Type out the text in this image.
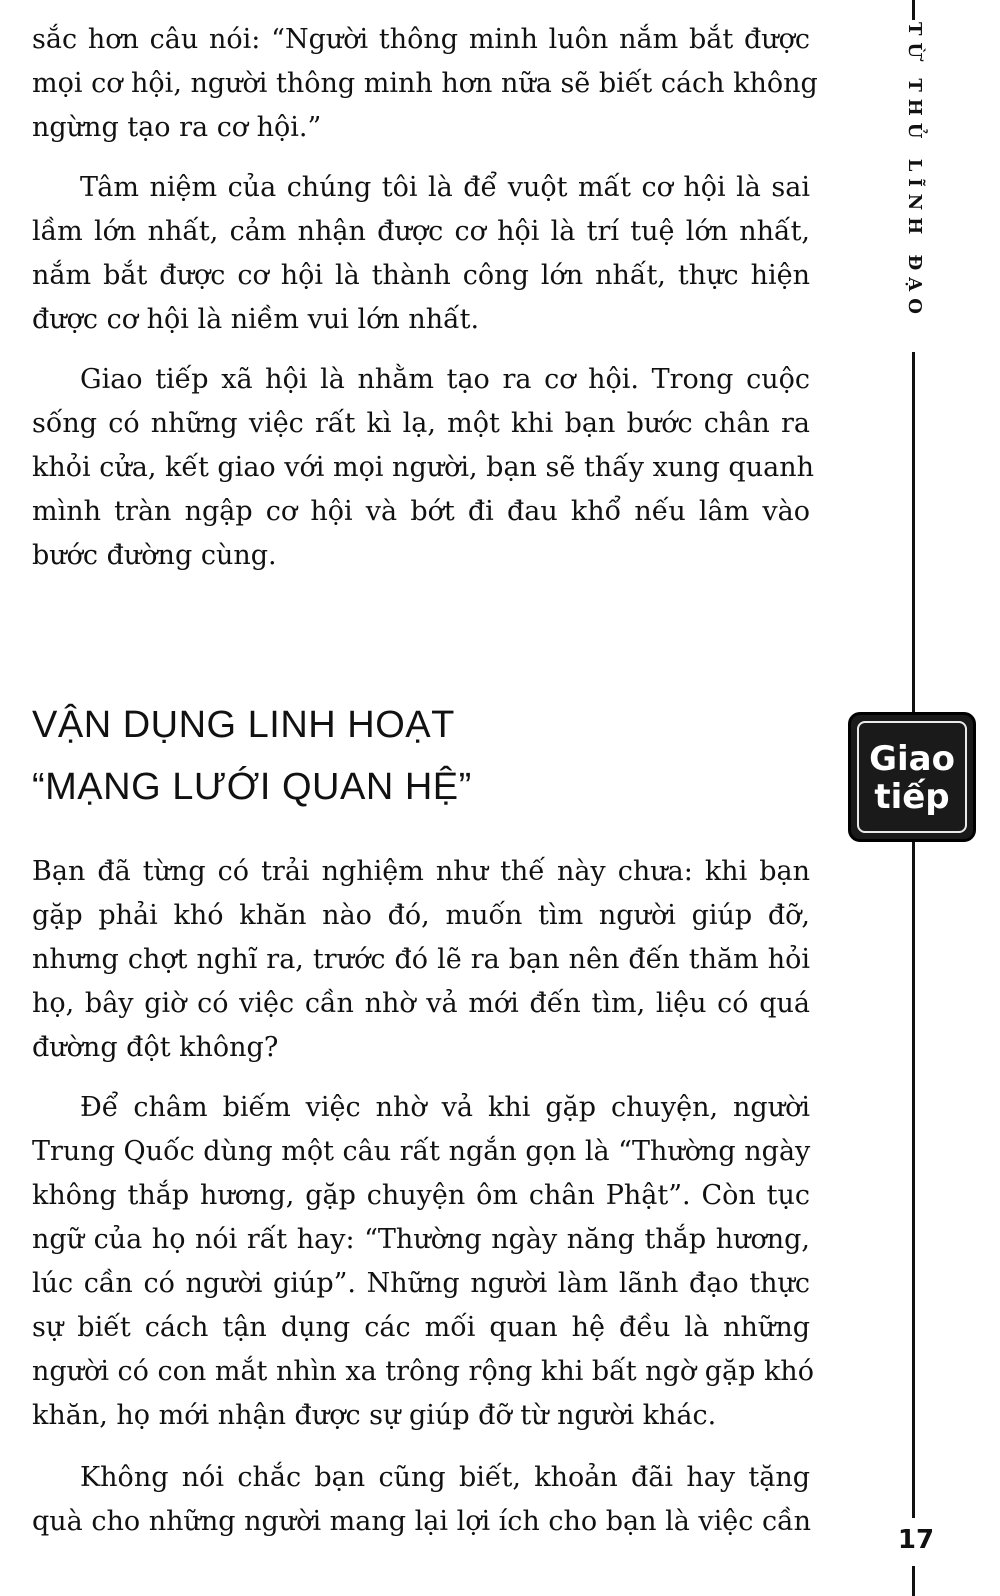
sắc hơn câu nói: “Người thông minh luôn nắm bắt được
mọi cơ hội, người thông minh hơn nữa sẽ biết cách không
ngừng tạo ra cơ hội.”

Tâm niệm của chúng tôi là để vuột mất cơ hội là sai
lầm lớn nhất, cảm nhận được cơ hội là trí tuệ lớn nhất,
nắm bắt được cơ hội là thành công lớn nhất, thực hiện
được cơ hội là niềm vui lớn nhất.

Giao tiếp xã hội là nhằm tạo ra cơ hội. Trong cuộc
sống có những việc rất kì lạ, một khi bạn bước chân ra
khỏi cửa, kết giao với mọi người, bạn sẽ thấy xung quanh
mình tràn ngập cơ hội và bớt đi đau khổ nếu lâm vào
bước đường cùng.

VẬN DỤNG LINH HOẠT
“MẠNG LƯỚI QUAN HỆ”

Bạn đã từng có trải nghiệm như thế này chưa: khi bạn
gặp phải khó khăn nào đó, muốn tìm người giúp đỡ,
nhưng chợt nghĩ ra, trước đó lẽ ra bạn nên đến thăm hỏi
họ, bây giờ có việc cần nhờ vả mới đến tìm, liệu có quá
đường đột không?

Để châm biếm việc nhờ vả khi gặp chuyện, người
Trung Quốc dùng một câu rất ngắn gọn là “Thường ngày
không thắp hương, gặp chuyện ôm chân Phật”. Còn tục
ngữ của họ nói rất hay: “Thường ngày năng thắp hương,
lúc cần có người giúp”. Những người làm lãnh đạo thực
sự biết cách tận dụng các mối quan hệ đều là những
người có con mắt nhìn xa trông rộng khi bất ngờ gặp khó
khăn, họ mới nhận được sự giúp đỡ từ người khác.

Không nói chắc bạn cũng biết, khoản đãi hay tặng
quà cho những người mang lại lợi ích cho bạn là việc cần

TỪ THỦ LĨNH ĐẠO
Giao
tiếp
17
